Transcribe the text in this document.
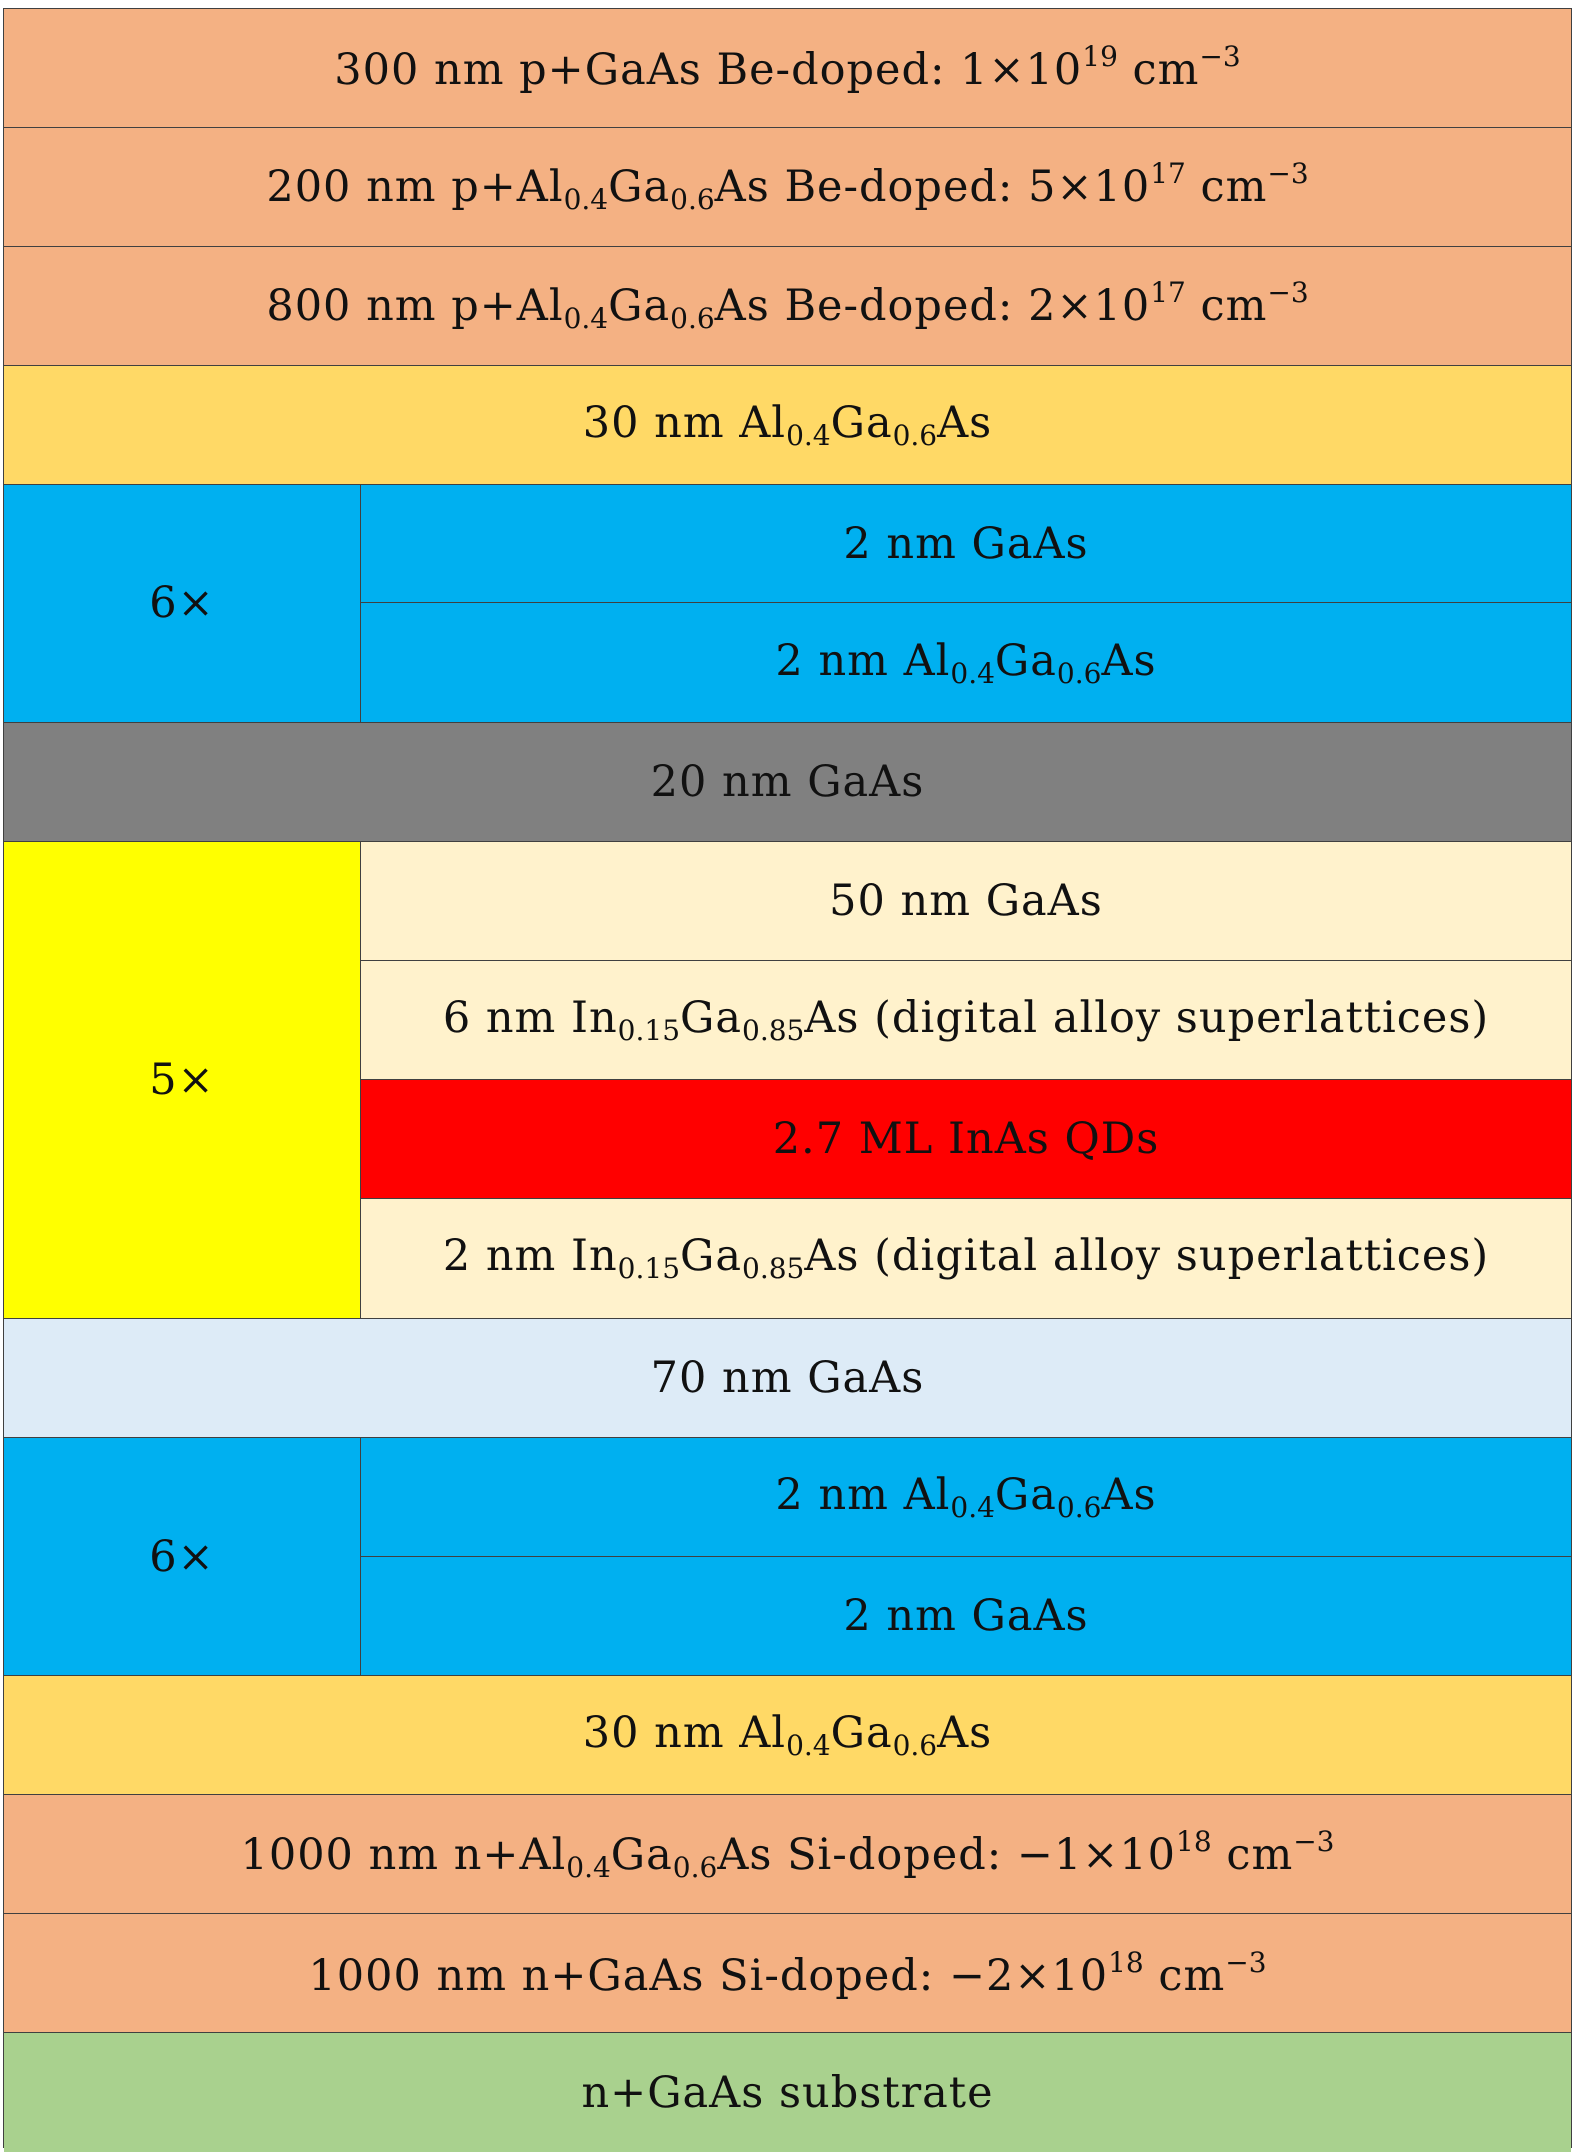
300 nm p+GaAs Be-doped: $1\times 10^{19}$ $cm^{-3}$
200 nm $p+Al_{0.4}Ga_{0.6}As$ Be-doped: $5\times 10^{17}$ $cm^{-3}$
800 nm $p+Al_{0.4}Ga_{0.6}As$ Be-doped: $2\times 10^{17}$ $cm^{-3}$
30 nm $Al_{0.4}Ga_{0.6}As$
6×
2 nm GaAs
2 nm $Al_{0.4}Ga_{0.6}As$
20 nm GaAs
5×
50 nm GaAs
6 nm $In_{0.15}Ga_{0.85}As$ (digital alloy superlattices)
2.7 ML InAs QDs
2 nm $In_{0.15}Ga_{0.85}As$ (digital alloy superlattices)
70 nm GaAs
6×
2 nm $Al_{0.4}Ga_{0.6}As$
2 nm GaAs
30 nm $Al_{0.4}Ga_{0.6}As$
1000 nm $n+Al_{0.4}Ga_{0.6}As$ Si-doped: $-1\times 10^{18}$ $cm^{-3}$
1000 nm n+GaAs Si-doped: $-2\times 10^{18}$ $cm^{-3}$
n+GaAs substrate
